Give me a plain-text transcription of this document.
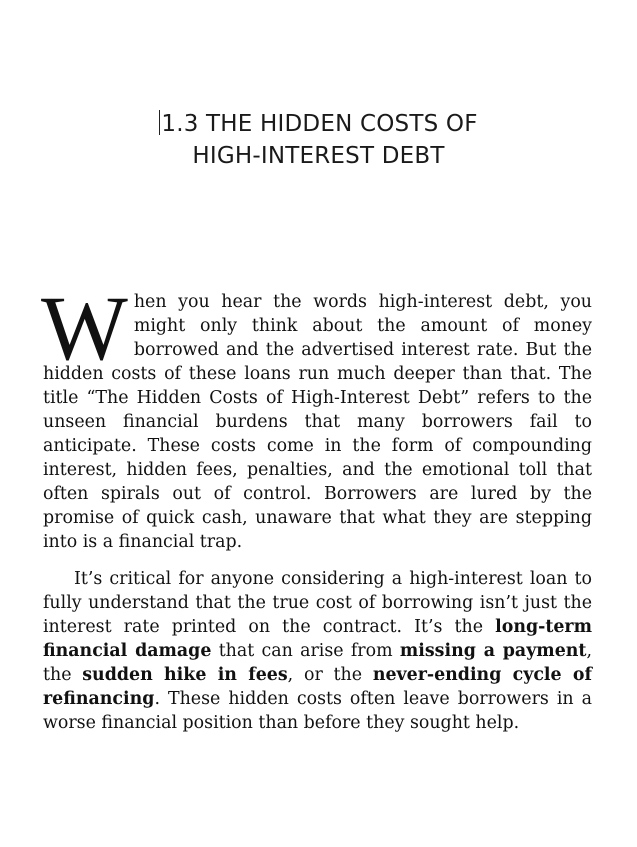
1.3 THE HIDDEN COSTS OF
HIGH-INTEREST DEBT

When you hear the words high-interest debt, you might only think about the amount of money borrowed and the advertised interest rate. But the hidden costs of these loans run much deeper than that. The title “The Hidden Costs of High-Interest Debt” refers to the unseen financial burdens that many borrowers fail to anticipate. These costs come in the form of compounding interest, hidden fees, penalties, and the emotional toll that often spirals out of control. Borrowers are lured by the promise of quick cash, unaware that what they are stepping into is a financial trap.

It’s critical for anyone considering a high-interest loan to fully understand that the true cost of borrowing isn’t just the interest rate printed on the contract. It’s the long-term financial damage that can arise from missing a payment, the sudden hike in fees, or the never-ending cycle of refinancing. These hidden costs often leave borrowers in a worse financial position than before they sought help.
